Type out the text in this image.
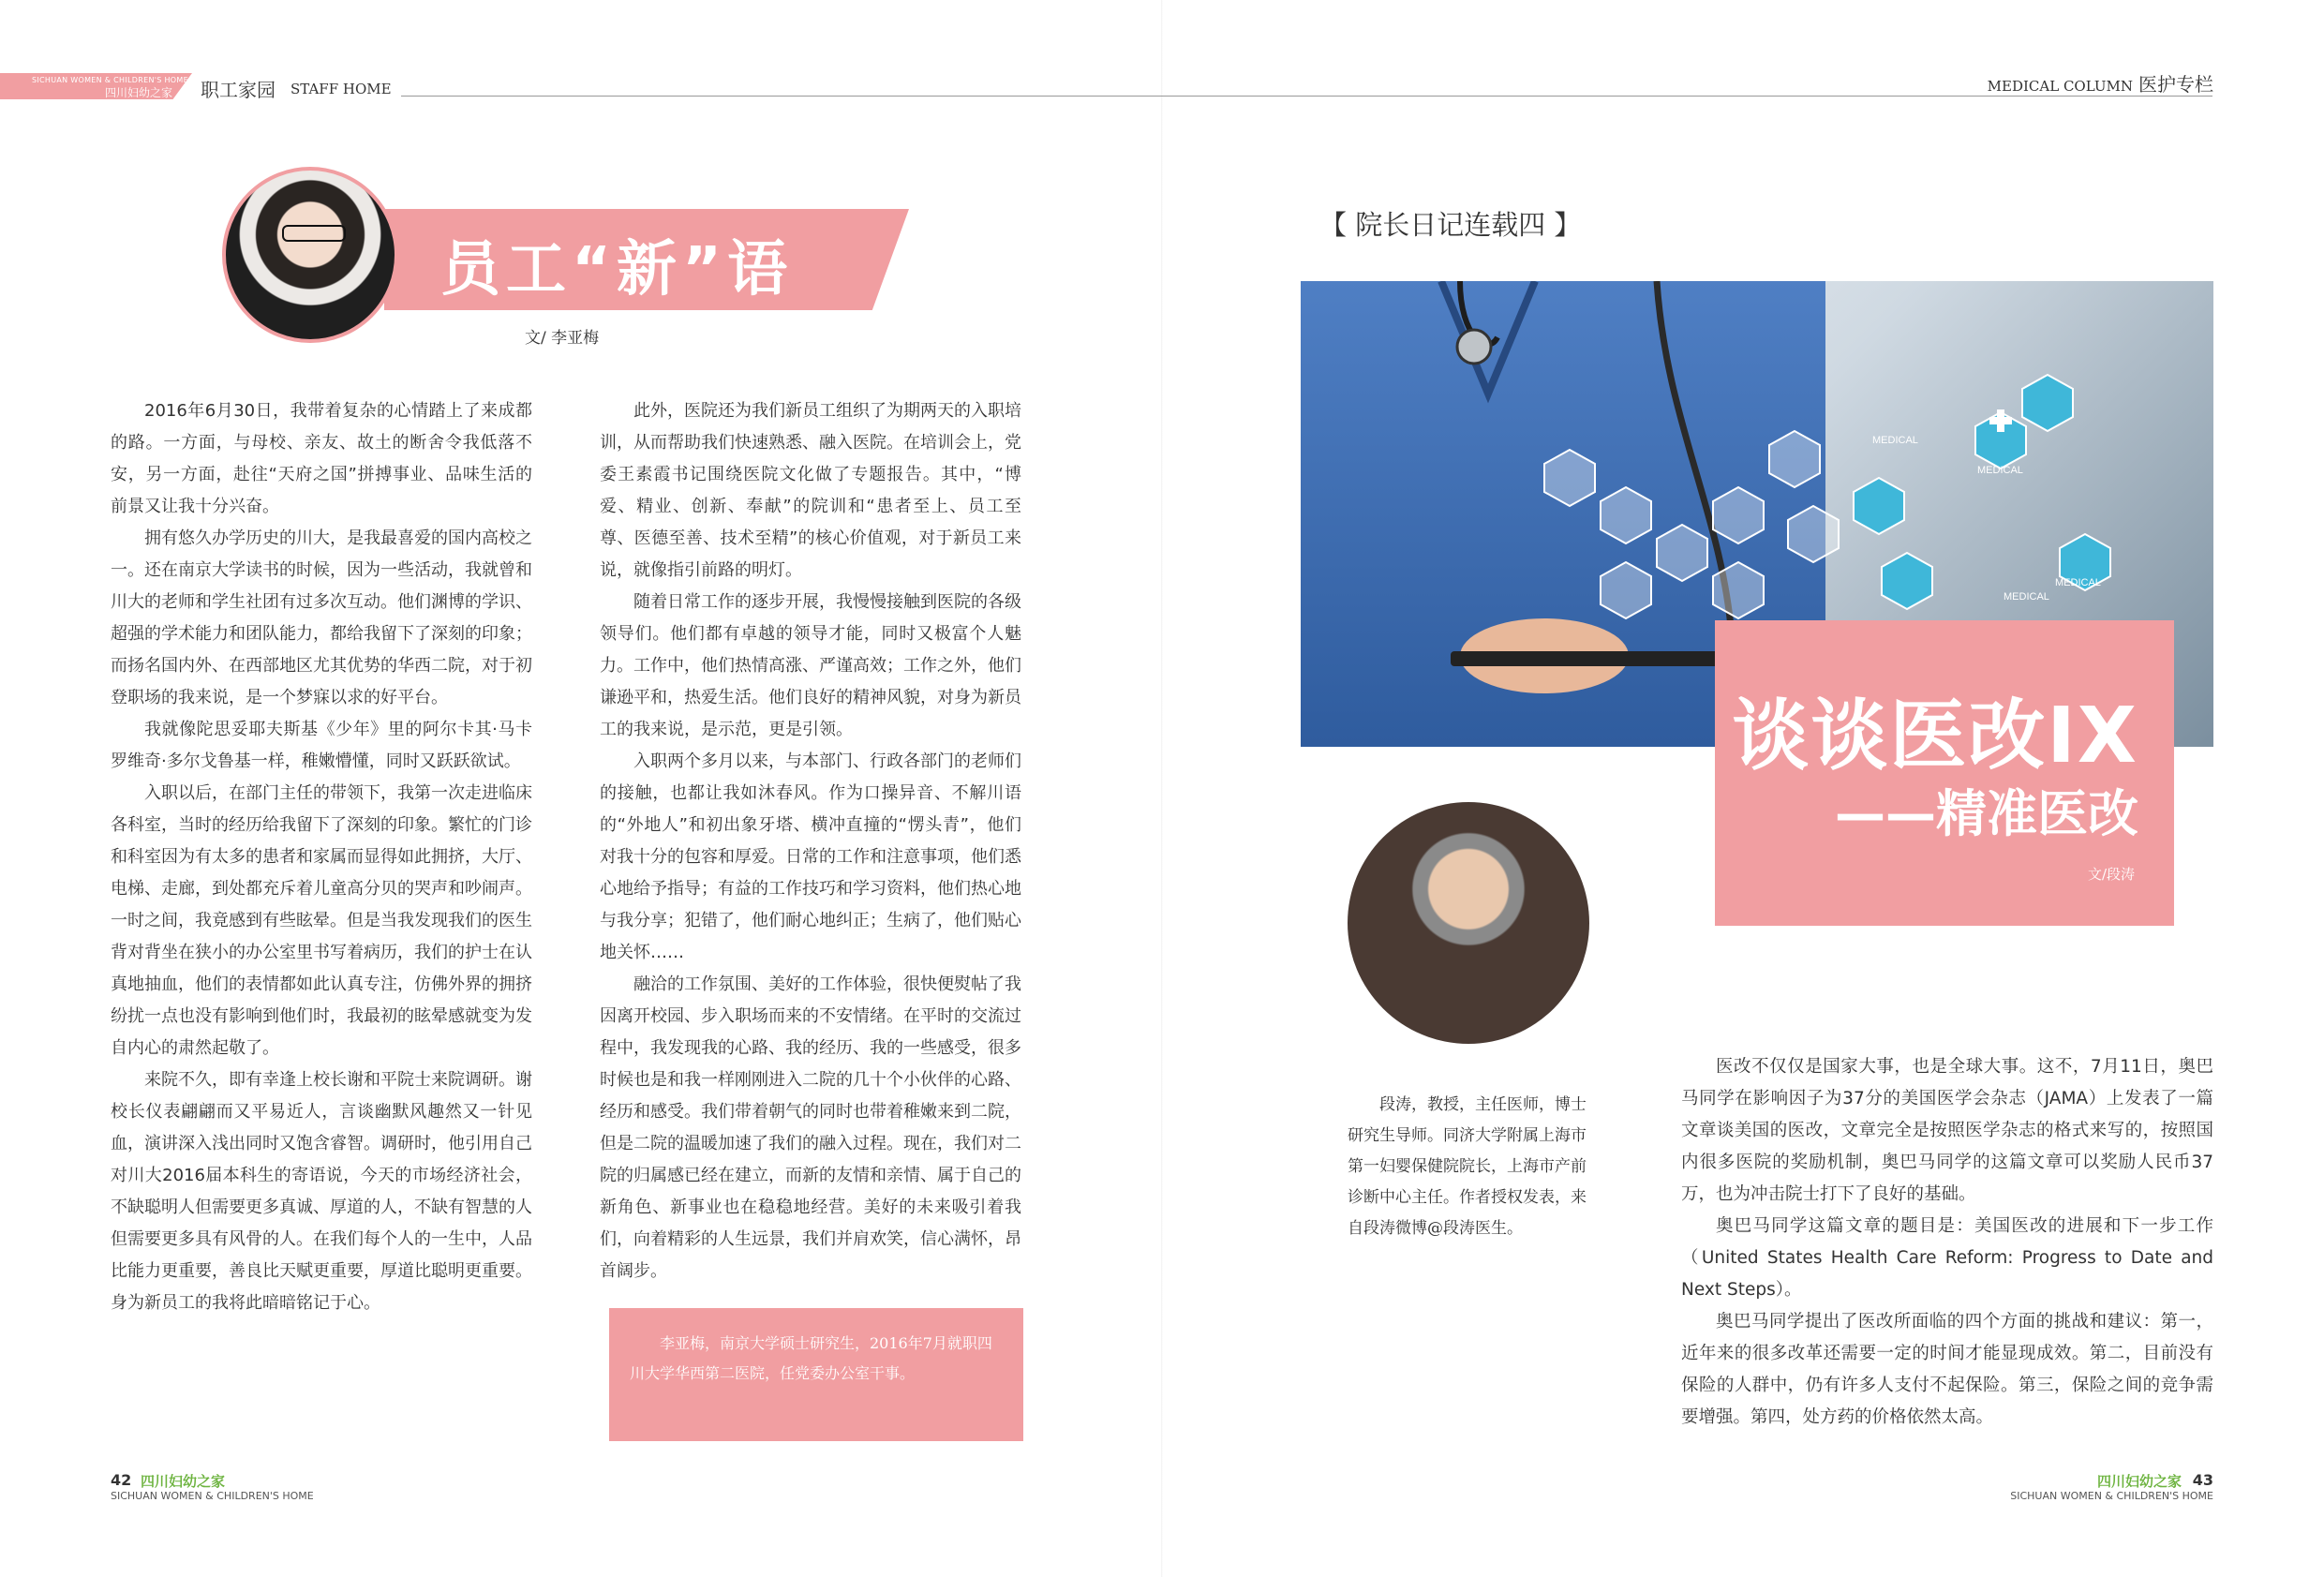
SICHUAN WOMEN & CHILDREN'S HOME
四川妇幼之家 职工家园 STAFF HOME	MEDICAL COLUMN 医护专栏
员工“新”语
文/ 李亚梅

2016年6月30日，我带着复杂的心情踏上了来成都的路。一方面，与母校、亲友、故土的断舍令我低落不安，另一方面，赴往“天府之国”拼搏事业、品味生活的前景又让我十分兴奋。

拥有悠久办学历史的川大，是我最喜爱的国内高校之一。还在南京大学读书的时候，因为一些活动，我就曾和川大的老师和学生社团有过多次互动。他们渊博的学识、超强的学术能力和团队能力，都给我留下了深刻的印象；而扬名国内外、在西部地区尤其优势的华西二院，对于初登职场的我来说，是一个梦寐以求的好平台。

我就像陀思妥耶夫斯基《少年》里的阿尔卡其·马卡罗维奇·多尔戈鲁基一样，稚嫩懵懂，同时又跃跃欲试。

入职以后，在部门主任的带领下，我第一次走进临床各科室，当时的经历给我留下了深刻的印象。繁忙的门诊和科室因为有太多的患者和家属而显得如此拥挤，大厅、电梯、走廊，到处都充斥着儿童高分贝的哭声和吵闹声。一时之间，我竟感到有些眩晕。但是当我发现我们的医生背对背坐在狭小的办公室里书写着病历，我们的护士在认真地抽血，他们的表情都如此认真专注，仿佛外界的拥挤纷扰一点也没有影响到他们时，我最初的眩晕感就变为发自内心的肃然起敬了。

来院不久，即有幸逢上校长谢和平院士来院调研。谢校长仪表翩翩而又平易近人，言谈幽默风趣然又一针见血，演讲深入浅出同时又饱含睿智。调研时，他引用自己对川大2016届本科生的寄语说，今天的市场经济社会，不缺聪明人但需要更多真诚、厚道的人，不缺有智慧的人但需要更多具有风骨的人。在我们每个人的一生中，人品比能力更重要，善良比天赋更重要，厚道比聪明更重要。身为新员工的我将此暗暗铭记于心。

此外，医院还为我们新员工组织了为期两天的入职培训，从而帮助我们快速熟悉、融入医院。在培训会上，党委王素霞书记围绕医院文化做了专题报告。其中，“博爱、精业、创新、奉献”的院训和“患者至上、员工至尊、医德至善、技术至精”的核心价值观，对于新员工来说，就像指引前路的明灯。

随着日常工作的逐步开展，我慢慢接触到医院的各级领导们。他们都有卓越的领导才能，同时又极富个人魅力。工作中，他们热情高涨、严谨高效；工作之外，他们谦逊平和，热爱生活。他们良好的精神风貌，对身为新员工的我来说，是示范，更是引领。

入职两个多月以来，与本部门、行政各部门的老师们的接触，也都让我如沐春风。作为口操异音、不解川语的“外地人”和初出象牙塔、横冲直撞的“愣头青”，他们对我十分的包容和厚爱。日常的工作和注意事项，他们悉心地给予指导；有益的工作技巧和学习资料，他们热心地与我分享；犯错了，他们耐心地纠正；生病了，他们贴心地关怀……

融洽的工作氛围、美好的工作体验，很快便熨帖了我因离开校园、步入职场而来的不安情绪。在平时的交流过程中，我发现我的心路、我的经历、我的一些感受，很多时候也是和我一样刚刚进入二院的几十个小伙伴的心路、经历和感受。我们带着朝气的同时也带着稚嫩来到二院，但是二院的温暖加速了我们的融入过程。现在，我们对二院的归属感已经在建立，而新的友情和亲情、属于自己的新角色、新事业也在稳稳地经营。美好的未来吸引着我们，向着精彩的人生远景，我们并肩欢笑，信心满怀，昂首阔步。

李亚梅，南京大学硕士研究生，2016年7月就职四川大学华西第二医院，任党委办公室干事。
【 院长日记连载四 】
MEDICAL
MEDICAL
MEDICAL
MEDICAL
谈谈医改IX
——精准医改
文/段涛
段涛，教授，主任医师，博士研究生导师。同济大学附属上海市第一妇婴保健院院长，上海市产前诊断中心主任。作者授权发表，来自段涛微博@段涛医生。

医改不仅仅是国家大事，也是全球大事。这不，7月11日，奥巴马同学在影响因子为37分的美国医学会杂志（JAMA）上发表了一篇文章谈美国的医改，文章完全是按照医学杂志的格式来写的，按照国内很多医院的奖励机制，奥巴马同学的这篇文章可以奖励人民币37万，也为冲击院士打下了良好的基础。

奥巴马同学这篇文章的题目是：美国医改的进展和下一步工作（United States Health Care Reform: Progress to Date and Next Steps）。

奥巴马同学提出了医改所面临的四个方面的挑战和建议：第一，近年来的很多改革还需要一定的时间才能显现成效。第二，目前没有保险的人群中，仍有许多人支付不起保险。第三，保险之间的竞争需要增强。第四，处方药的价格依然太高。

42 四川妇幼之家
SICHUAN WOMEN & CHILDREN'S HOME
43
四川妇幼之家
SICHUAN WOMEN & CHILDREN'S HOME
